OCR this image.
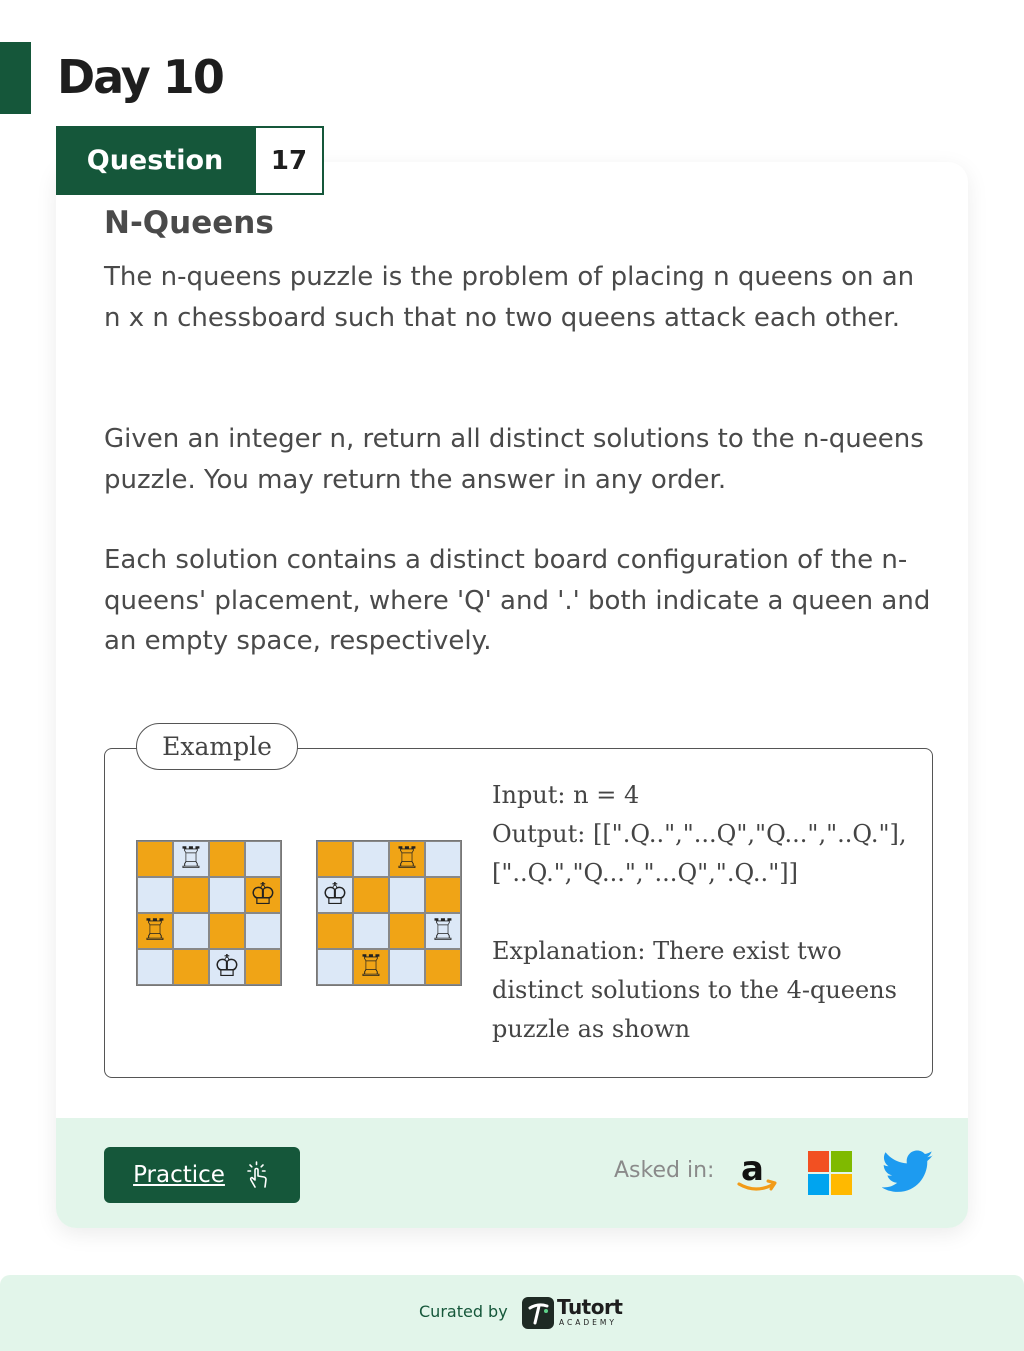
Day 10
Question	17
N-Queens

The n-queens puzzle is the problem of placing n queens on an n x n chessboard such that no two queens attack each other.

Given an integer n, return all distinct solutions to the n-queens puzzle. You may return the answer in any order.

Each solution contains a distinct board configuration of the n-queens' placement, where 'Q' and '.' both indicate a queen and an empty space, respectively.

Example
♖
♔
♖
♔
♖
♔
♖
♖
Input: n = 4
Output: [[".Q..","...Q","Q...","..Q."], ["..Q.","Q...","...Q",".Q.."]]
Explanation: There exist two distinct solutions to the 4-queens puzzle as shown
Practice	Asked in: a
Curated by Tutort
ACADEMY
